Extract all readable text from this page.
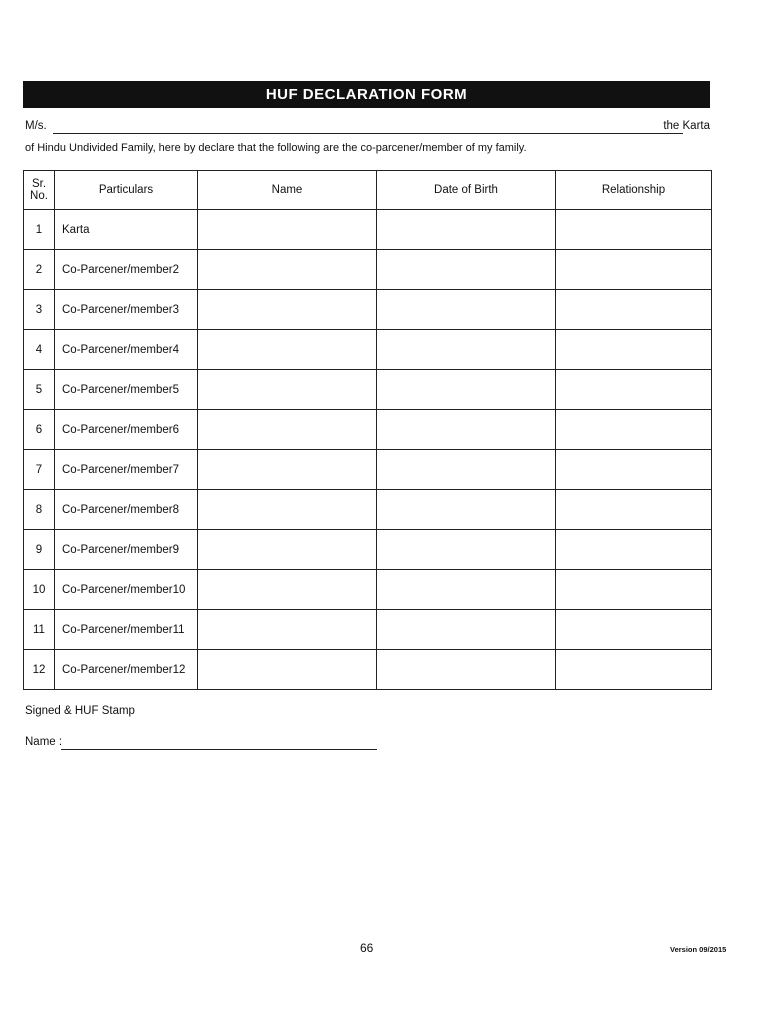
HUF DECLARATION FORM
M/s.	the Karta
of Hindu Undivided Family, here by declare that the following are the co-parcener/member of my family.
Sr. No.	Particulars	Name	Date of Birth	Relationship
1	Karta			
2	Co-Parcener/member2			
3	Co-Parcener/member3			
4	Co-Parcener/member4			
5	Co-Parcener/member5			
6	Co-Parcener/member6			
7	Co-Parcener/member7			
8	Co-Parcener/member8			
9	Co-Parcener/member9			
10	Co-Parcener/member10			
11	Co-Parcener/member11			
12	Co-Parcener/member12			
Signed & HUF Stamp
Name :
66	Version 09/2015
